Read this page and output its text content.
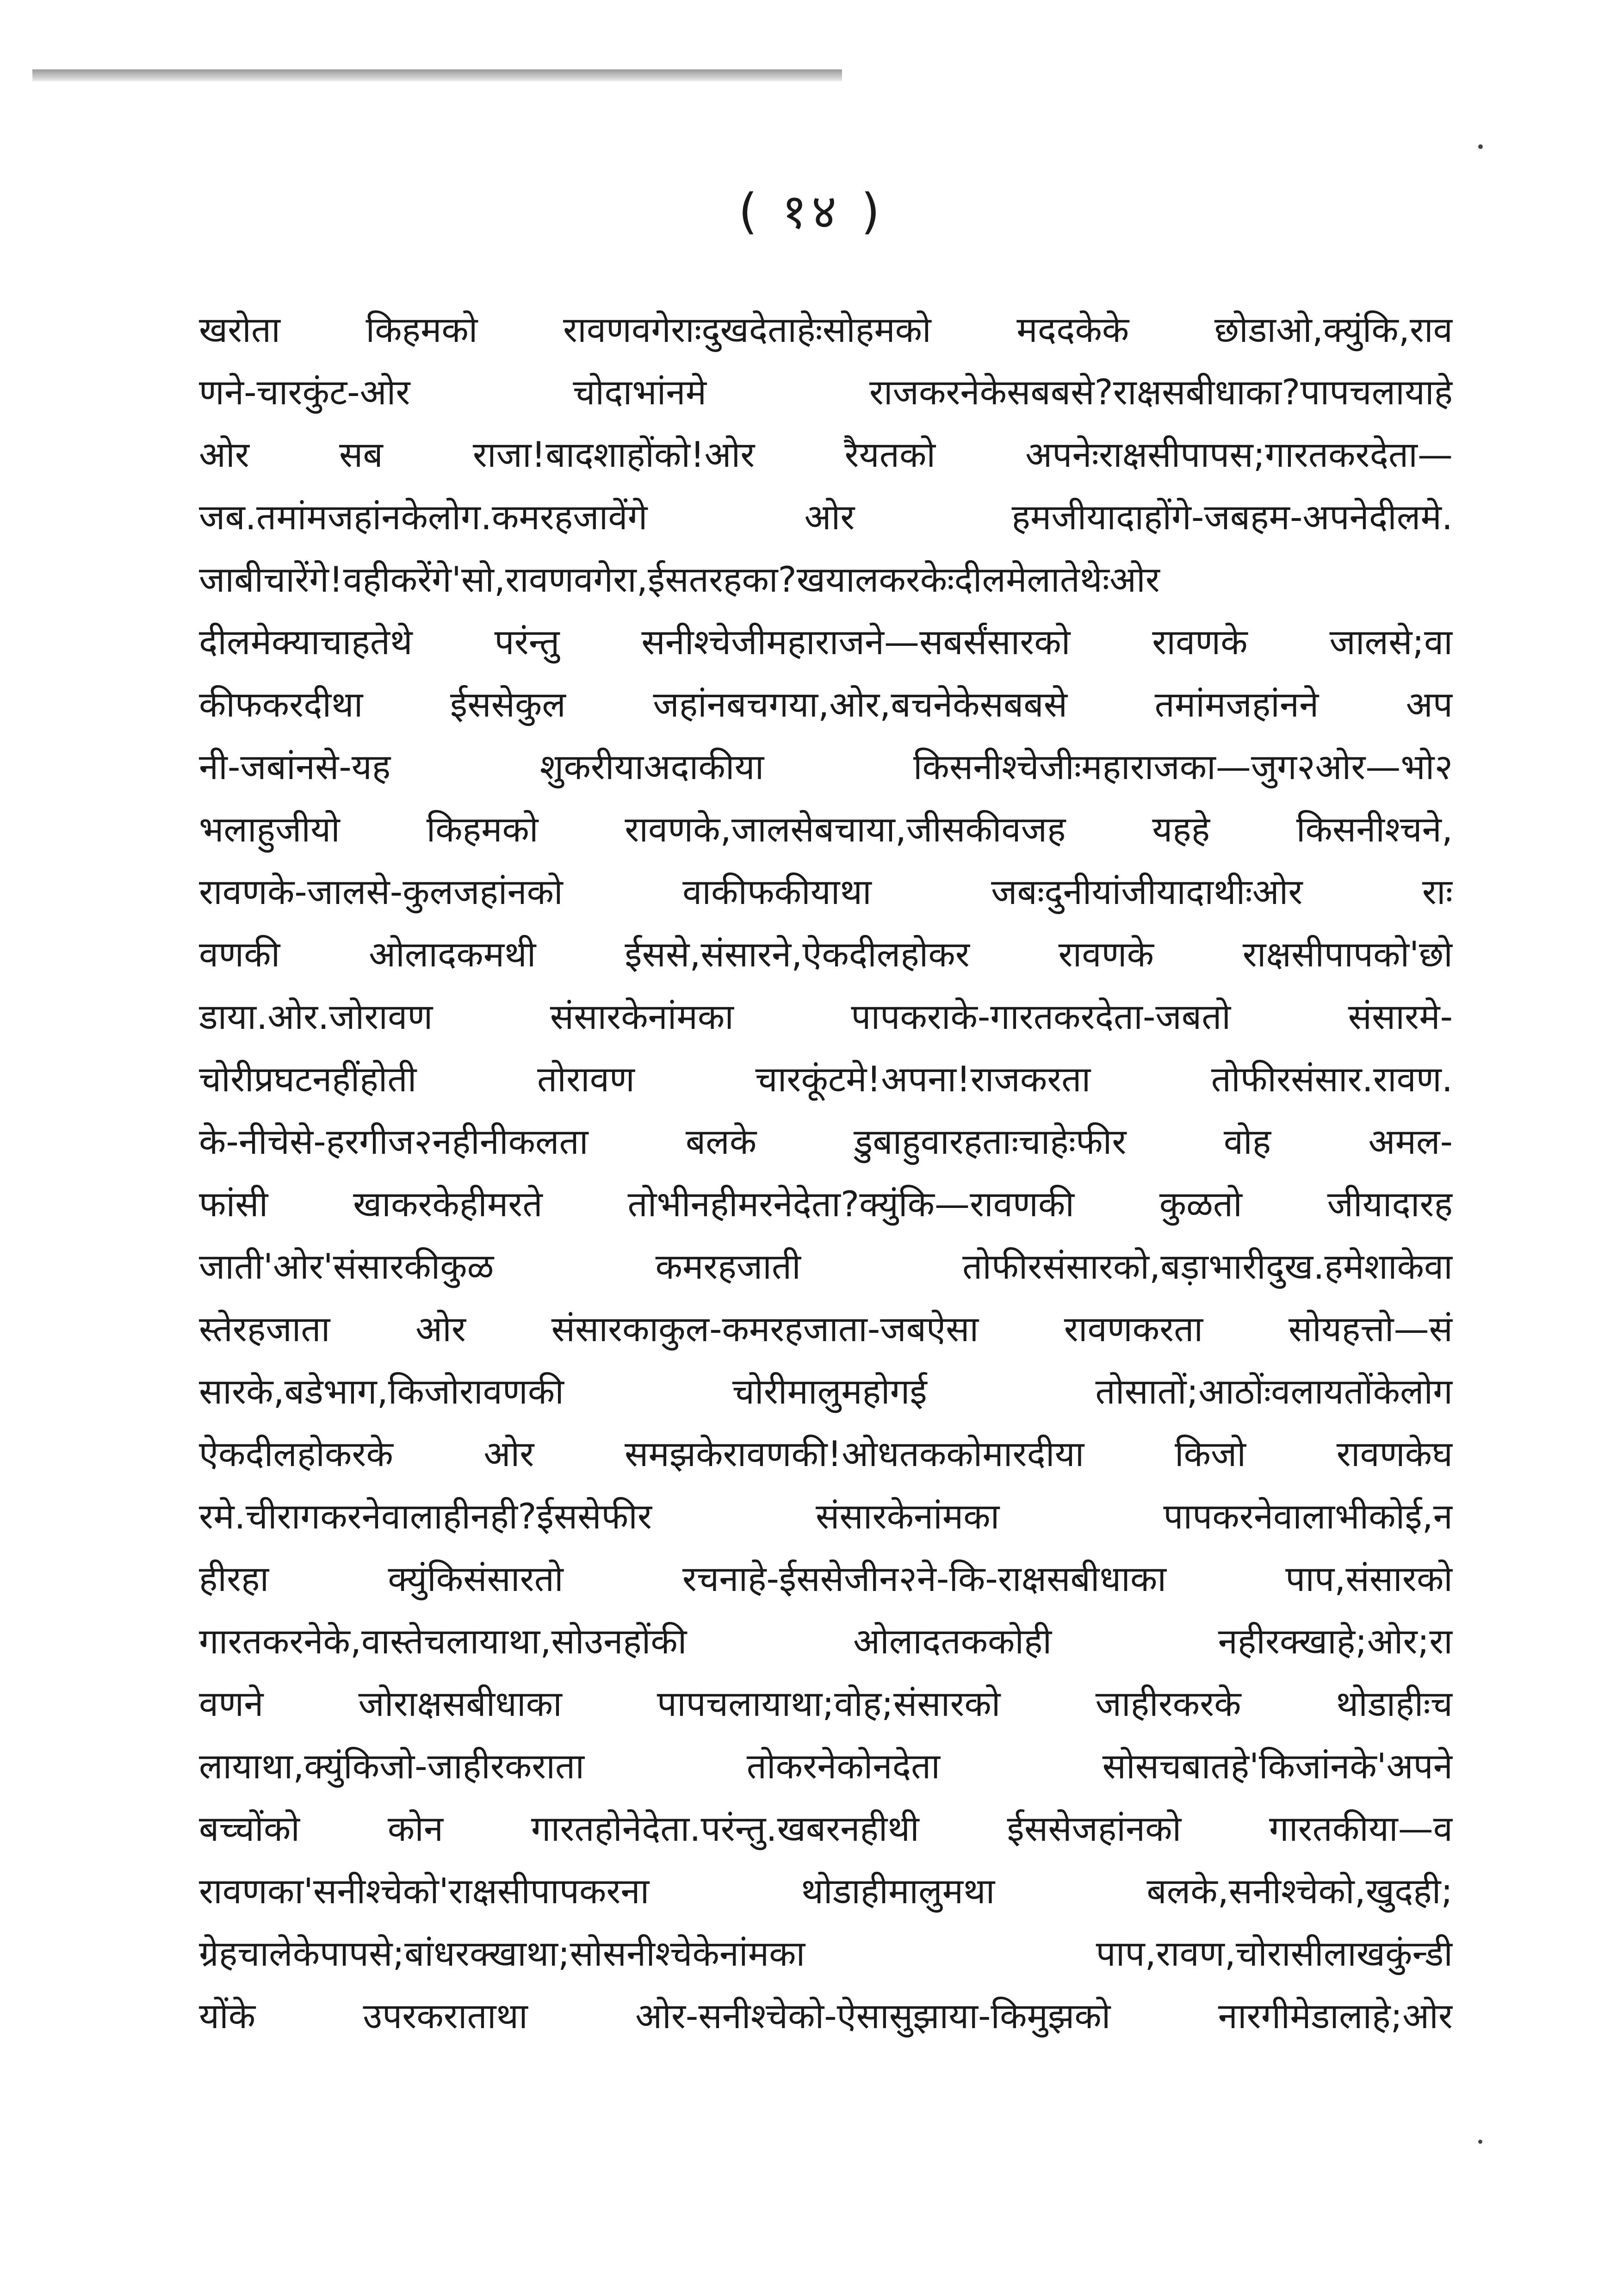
( १४ )
खरोता किहमको रावणवगेराःदुखदेताहेःसोहमको मददकेके छोडाओ,क्युंकि,राव
णने-चारकुंट-ओर चोदाभांनमे राजकरनेकेसबबसे?राक्षसबीधाका?पापचलायाहे
ओर सब राजा!बादशाहोंको!ओर रैयतको अपनेःराक्षसीपापस;गारतकरदेता—
जब.तमांमजहांनकेलोग.कमरहजावेंगे ओर हमजीयादाहोंगे-जबहम-अपनेदीलमे.
जाबीचारेंगे!वहीकरेंगे'सो,रावणवगेरा,ईसतरहका?खयालकरकेःदीलमेलातेथेःओर
दीलमेक्याचाहतेथे परंन्तु सनीश्चेजीमहाराजने—सबर्संसारको रावणके जालसे;वा
कीफकरदीथा ईससेकुल जहांनबचगया,ओर,बचनेकेसबबसे तमांमजहांनने अप
नी-जबांनसे-यह शुकरीयाअदाकीया किसनीश्चेजीःमहाराजका—जुग२ओर—भो२
भलाहुजीयो किहमको रावणके,जालसेबचाया,जीसकीवजह यहहे किसनीश्चने,
रावणके-जालसे-कुलजहांनको वाकीफकीयाथा जबःदुनीयांजीयादाथीःओर राः
वणकी ओलादकमथी ईससे,संसारने,ऐकदीलहोकर रावणके राक्षसीपापको'छो
डाया.ओर.जोरावण संसारकेनांमका पापकराके-गारतकरदेता-जबतो संसारमे-
चोरीप्रघटनहींहोती तोरावण चारकूंटमे!अपना!राजकरता तोफीरसंसार.रावण.
के-नीचेसे-हरगीज२नहीनीकलता बलके डुबाहुवारहताःचाहेःफीर वोह अमल-
फांसी खाकरकेहीमरते तोभीनहीमरनेदेता?क्युंकि—रावणकी कुळतो जीयादारह
जाती'ओर'संसारकीकुळ कमरहजाती तोफीरसंसारको,बड़ाभारीदुख.हमेशाकेवा
स्तेरहजाता ओर संसारकाकुल-कमरहजाता-जबऐसा रावणकरता सोयहत्तो—सं
सारके,बडेभाग,किजोरावणकी चोरीमालुमहोगई तोसातों;आठोंःवलायतोंकेलोग
ऐकदीलहोकरके ओर समझकेरावणकी!ओधतककोमारदीया किजो रावणकेघ
रमे.चीरागकरनेवालाहीनही?ईससेफीर संसारकेनांमका पापकरनेवालाभीकोई,न
हीरहा क्युंकिसंसारतो रचनाहे-ईससेजीन२ने-कि-राक्षसबीधाका पाप,संसारको
गारतकरनेके,वास्तेचलायाथा,सोउनहोंकी ओलादतककोही नहीरक्खाहे;ओर;रा
वणने जोराक्षसबीधाका पापचलायाथा;वोह;संसारको जाहीरकरके थोडाहीःच
लायाथा,क्युंकिजो-जाहीरकराता तोकरनेकोनदेता सोसचबातहे'किजांनके'अपने
बच्चोंको कोन गारतहोनेदेता.परंन्तु.खबरनहीथी ईससेजहांनको गारतकीया—व
रावणका'सनीश्चेको'राक्षसीपापकरना थोडाहीमालुमथा बलके,सनीश्चेको,खुदही;
ग्रेहचालेकेपापसे;बांधरक्खाथा;सोसनीश्चेकेनांमका पाप,रावण,चोरासीलाखकुंन्डी
योंके उपरकराताथा ओर-सनीश्चेको-ऐसासुझाया-किमुझको नारगीमेडालाहे;ओर
